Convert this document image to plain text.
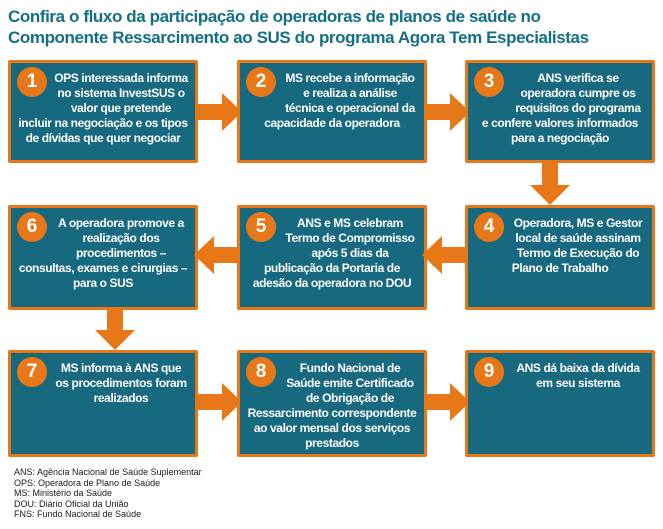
Confira o fluxo da participação de operadoras de planos de saúde no
Componente Ressarcimento ao SUS do programa Agora Tem Especialistas
1	OPS interessada informa no sistema InvestSUS o valor que pretende incluir na negociação e os tipos de dívidas que quer negociar
2	MS recebe a informação e realiza a análise técnica e operacional da capacidade da operadora
3	ANS verifica se operadora cumpre os requisitos do programa e confere valores informados para a negociação
6	A operadora promove a realização dos procedimentos – consultas, exames e cirurgias – para o SUS
5	ANS e MS celebram Termo de Compromisso após 5 dias da publicação da Portaria de adesão da operadora no DOU
4	Operadora, MS e Gestor local de saúde assinam Termo de Execução do Plano de Trabalho
7	MS informa à ANS que os procedimentos foram realizados
8	Fundo Nacional de Saúde emite Certificado de Obrigação de Ressarcimento correspondente ao valor mensal dos serviços prestados
9	ANS dá baixa da dívida em seu sistema
ANS: Agência Nacional de Saúde Suplementar
OPS: Operadora de Plano de Saúde
MS: Ministério da Saúde
DOU: Diário Oficial da União
FNS: Fundo Nacional de Saúde
